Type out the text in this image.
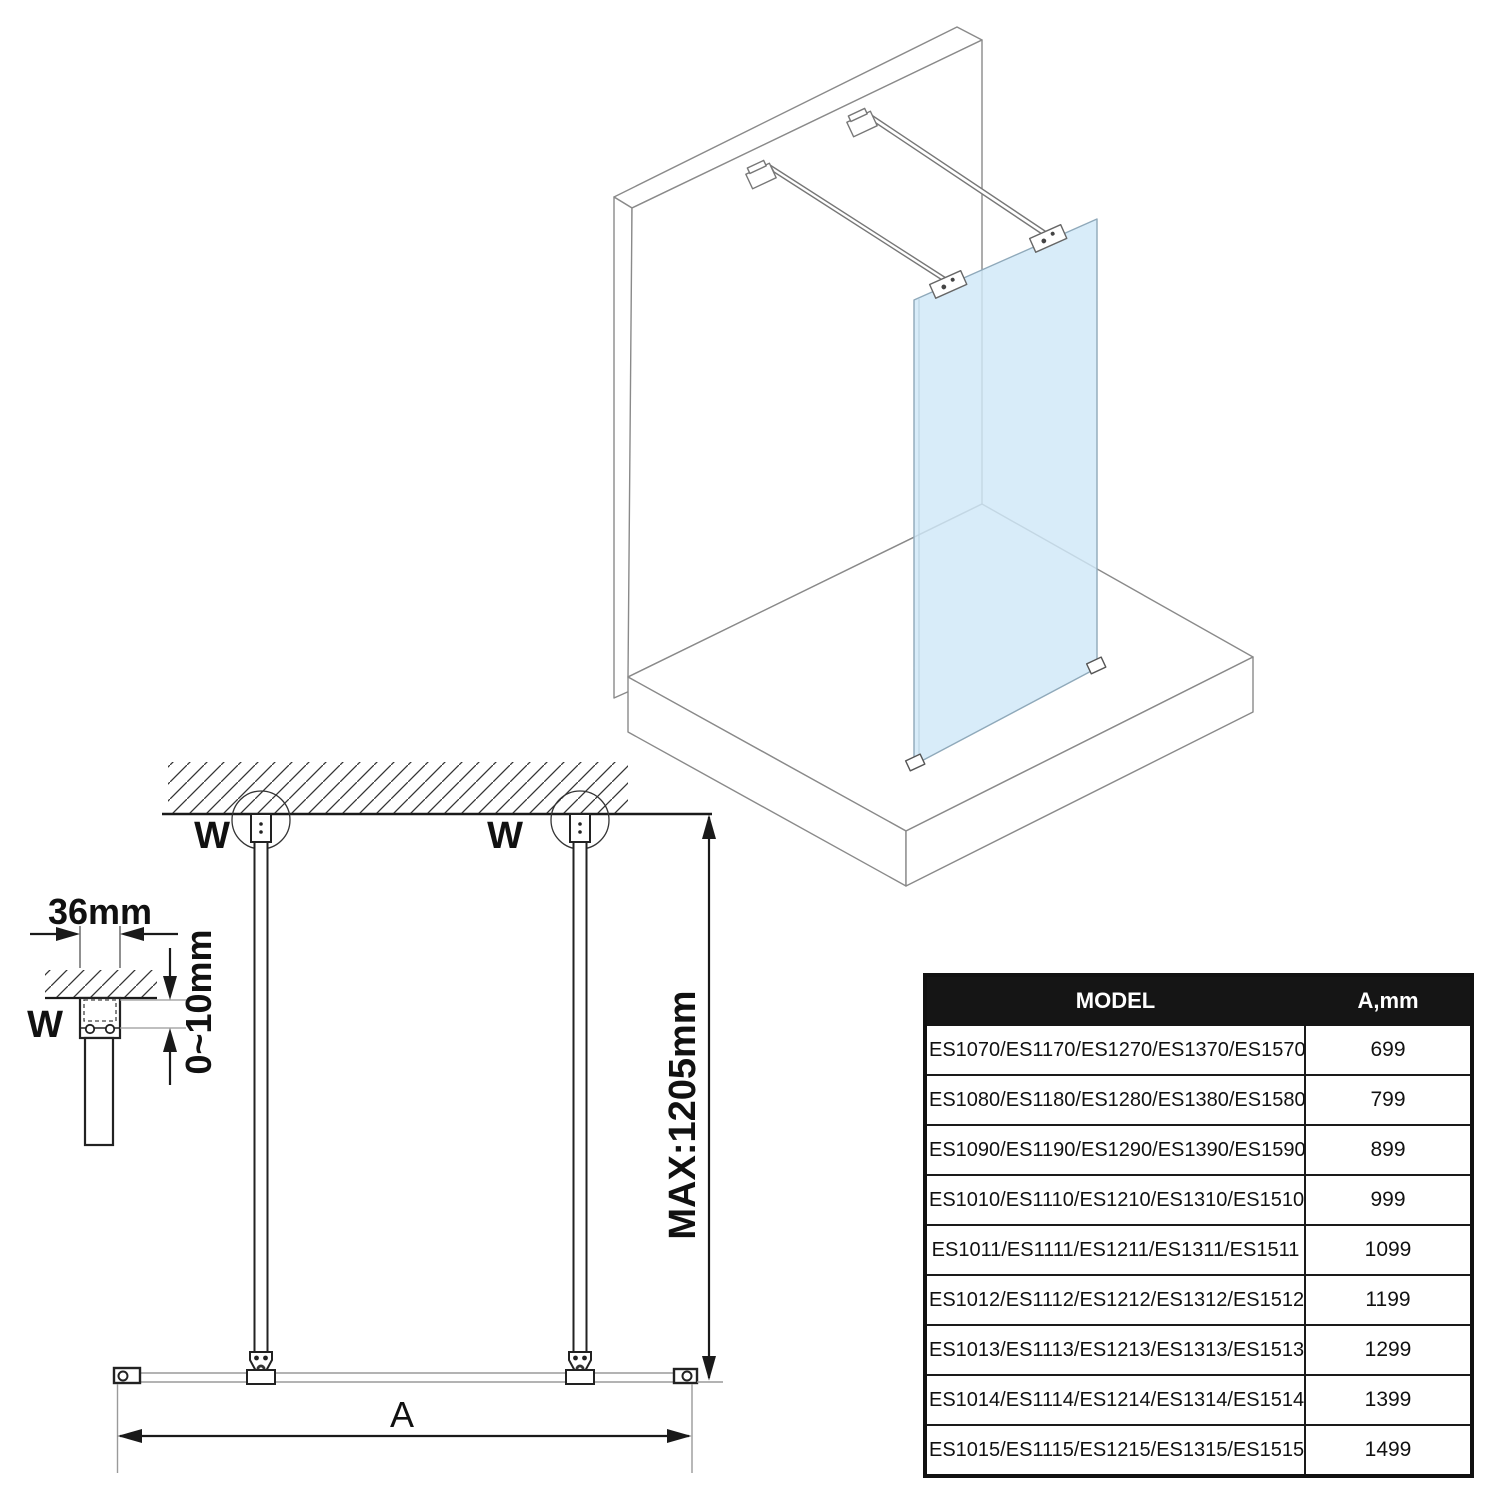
A
MAX:1205mm
W	W
36mm
0~10mm
W
MODEL	A,mm
ES1070/ES1170/ES1270/ES1370/ES1570	699
ES1080/ES1180/ES1280/ES1380/ES1580	799
ES1090/ES1190/ES1290/ES1390/ES1590	899
ES1010/ES1110/ES1210/ES1310/ES1510	999
ES1011/ES1111/ES1211/ES1311/ES1511	1099
ES1012/ES1112/ES1212/ES1312/ES1512	1199
ES1013/ES1113/ES1213/ES1313/ES1513	1299
ES1014/ES1114/ES1214/ES1314/ES1514	1399
ES1015/ES1115/ES1215/ES1315/ES1515	1499
